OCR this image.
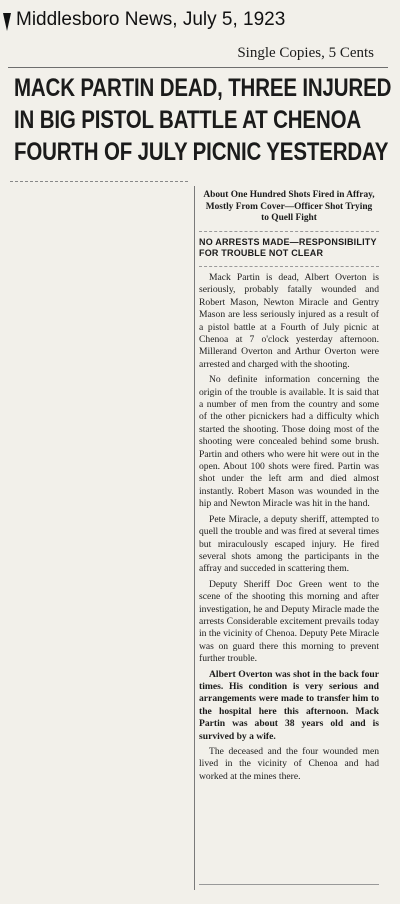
Middlesboro News, July 5, 1923
Single Copies, 5 Cents
MACK PARTIN DEAD, THREE INJURED
IN BIG PISTOL BATTLE AT CHENOA
FOURTH OF JULY PICNIC YESTERDAY
About One Hundred Shots Fired in Affray, Mostly From Cover—Officer Shot Trying to Quell Fight
NO ARRESTS MADE—RESPONSIBILITY FOR TROUBLE NOT CLEAR

Mack Partin is dead, Albert Overton is seriously, probably fatally wounded and Robert Mason, Newton Miracle and Gentry Mason are less seriously injured as a result of a pistol battle at a Fourth of July picnic at Chenoa at 7 o'clock yesterday afternoon. Millerand Overton and Arthur Overton were arrested and charged with the shooting.

No definite information concerning the origin of the trouble is available. It is said that a number of men from the country and some of the other picnickers had a difficulty which started the shooting. Those doing most of the shooting were concealed behind some brush. Partin and others who were hit were out in the open. About 100 shots were fired. Partin was shot under the left arm and died almost instantly. Robert Mason was wounded in the hip and Newton Miracle was hit in the hand.

Pete Miracle, a deputy sheriff, attempted to quell the trouble and was fired at several times but miraculously escaped injury. He fired several shots among the participants in the affray and succeded in scattering them.

Deputy Sheriff Doc Green went to the scene of the shooting this morning and after investigation, he and Deputy Miracle made the arrests Considerable excitement prevails today in the vicinity of Chenoa. Deputy Pete Miracle was on guard there this morning to prevent further trouble.

Albert Overton was shot in the back four times. His condition is very serious and arrangements were made to transfer him to the hospital here this afternoon. Mack Partin was about 38 years old and is survived by a wife.

The deceased and the four wounded men lived in the vicinity of Chenoa and had worked at the mines there.
